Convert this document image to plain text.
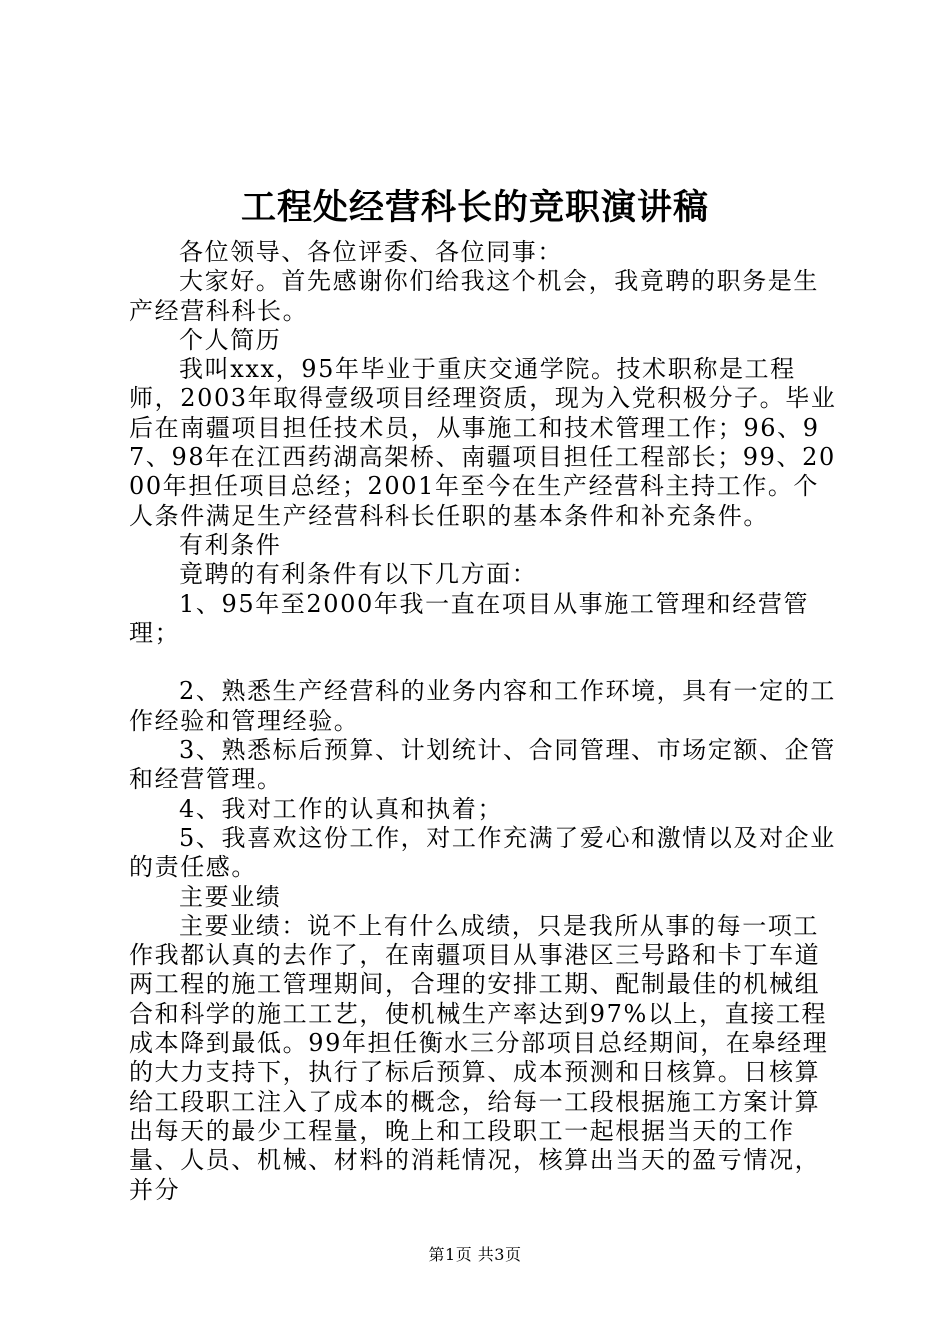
工程处经营科长的竞职演讲稿

各位领导、各位评委、各位同事：

大家好。首先感谢你们给我这个机会，我竟聘的职务是生产经营科科长。

个人简历

我叫xxx，95年毕业于重庆交通学院。技术职称是工程师，2003年取得壹级项目经理资质，现为入党积极分子。毕业后在南疆项目担任技术员，从事施工和技术管理工作；96、97、98年在江西药湖高架桥、南疆项目担任工程部长；99、2000年担任项目总经；2001年至今在生产经营科主持工作。个人条件满足生产经营科科长任职的基本条件和补充条件。

有利条件

竟聘的有利条件有以下几方面：

1、95年至2000年我一直在项目从事施工管理和经营管理；

2、熟悉生产经营科的业务内容和工作环境，具有一定的工作经验和管理经验。

3、熟悉标后预算、计划统计、合同管理、市场定额、企管和经营管理。

4、我对工作的认真和执着；

5、我喜欢这份工作，对工作充满了爱心和激情以及对企业的责任感。

主要业绩

主要业绩：说不上有什么成绩，只是我所从事的每一项工作我都认真的去作了，在南疆项目从事港区三号路和卡丁车道两工程的施工管理期间，合理的安排工期、配制最佳的机械组合和科学的施工工艺，使机械生产率达到97%以上，直接工程成本降到最低。99年担任衡水三分部项目总经期间，在皋经理的大力支持下，执行了标后预算、成本预测和日核算。日核算给工段职工注入了成本的概念，给每一工段根据施工方案计算出每天的最少工程量，晚上和工段职工一起根据当天的工作量、人员、机械、材料的消耗情况，核算出当天的盈亏情况，并分

第1页 共3页
